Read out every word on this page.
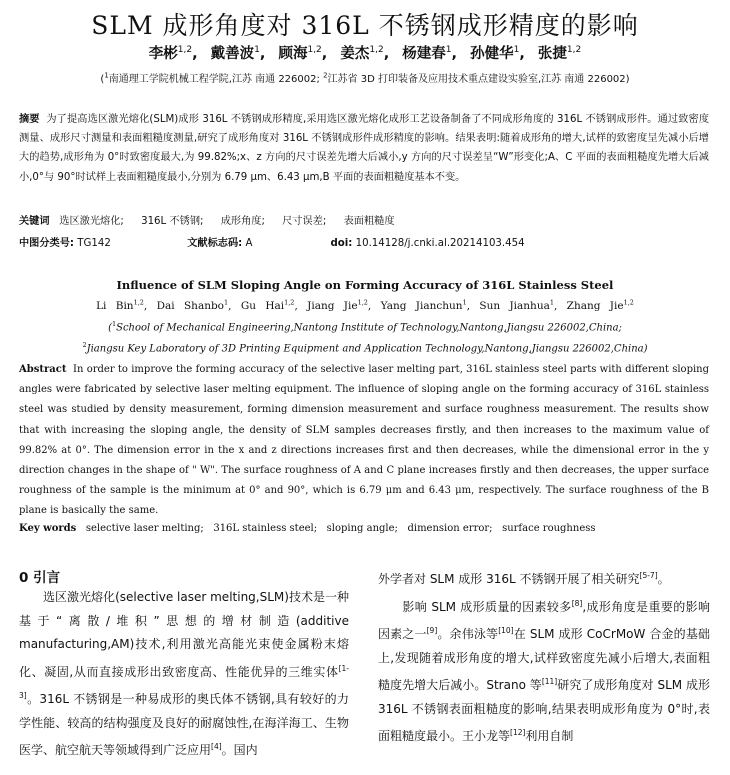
SLM 成形角度对 316L 不锈钢成形精度的影响
李彬$^{1,2}$, 戴善波$^1$, 顾海$^{1,2}$, 姜杰$^{1,2}$, 杨建春$^1$, 孙健华$^1$, 张捷$^{1,2}$
($^1$南通理工学院机械工程学院,江苏 南通 226002; $^2$江苏省 3D 打印装备及应用技术重点建设实验室,江苏 南通 226002)
摘要 为了提高选区激光熔化(SLM)成形 316L 不锈钢成形精度,采用选区激光熔化成形工艺设备制备了不同成形角度的 316L 不锈钢成形件。通过致密度测量、成形尺寸测量和表面粗糙度测量,研究了成形角度对 316L 不锈钢成形件成形精度的影响。结果表明:随着成形角的增大,试样的致密度呈先减小后增大的趋势,成形角为 0°时致密度最大,为 99.82%;x、z 方向的尺寸误差先增大后减小,y 方向的尺寸误差呈“W”形变化;A、C 平面的表面粗糙度先增大后减小,0°与 90°时试样上表面粗糙度最小,分别为 6.79 μm、6.43 μm,B 平面的表面粗糙度基本不变。
关键词 选区激光熔化; 316L 不锈钢; 成形角度; 尺寸误差; 表面粗糙度
中图分类号: TG142	文献标志码: A	doi: 10.14128/j.cnki.al.20214103.454
Influence of SLM Sloping Angle on Forming Accuracy of 316L Stainless Steel
Li Bin$^{1,2}$, Dai Shanbo$^1$, Gu Hai$^{1,2}$, Jiang Jie$^{1,2}$, Yang Jianchun$^1$, Sun Jianhua$^1$, Zhang Jie$^{1,2}$
($^1$School of Mechanical Engineering,Nantong Institute of Technology,Nantong,Jiangsu 226002,China;
$^2$Jiangsu Key Laboratory of 3D Printing Equipment and Application Technology,Nantong,Jiangsu 226002,China)
Abstract In order to improve the forming accuracy of the selective laser melting part, 316L stainless steel parts with different sloping angles were fabricated by selective laser melting equipment. The influence of sloping angle on the forming accuracy of 316L stainless steel was studied by density measurement, forming dimension measurement and surface roughness measurement. The results show that with increasing the sloping angle, the density of SLM samples decreases firstly, and then increases to the maximum value of 99.82% at 0°. The dimension error in the x and z directions increases first and then decreases, while the dimensional error in the y direction changes in the shape of " W". The surface roughness of A and C plane increases firstly and then decreases, the upper surface roughness of the sample is the minimum at 0° and 90°, which is 6.79 μm and 6.43 μm, respectively. The surface roughness of the B plane is basically the same.
Key words selective laser melting; 316L stainless steel; sloping angle; dimension error; surface roughness
0 引言
选区激光熔化(selective laser melting,SLM)技术是一种基于“离散/堆积”思想的增材制造(additive manufacturing,AM)技术,利用激光高能光束使金属粉末熔化、凝固,从而直接成形出致密度高、性能优异的三维实体[1-3]。316L 不锈钢是一种易成形的奥氏体不锈钢,具有较好的力学性能、较高的结构强度及良好的耐腐蚀性,在海洋海工、生物医学、航空航天等领域得到广泛应用[4]。国内
外学者对 SLM 成形 316L 不锈钢开展了相关研究[5-7]。
影响 SLM 成形质量的因素较多[8],成形角度是重要的影响因素之一[9]。余伟泳等[10]在 SLM 成形 CoCrMoW 合金的基础上,发现随着成形角度的增大,试样致密度先减小后增大,表面粗糙度先增大后减小。Strano 等[11]研究了成形角度对 SLM 成形 316L 不锈钢表面粗糙度的影响,结果表明成形角度为 0°时,表面粗糙度最小。王小龙等[12]利用自制
